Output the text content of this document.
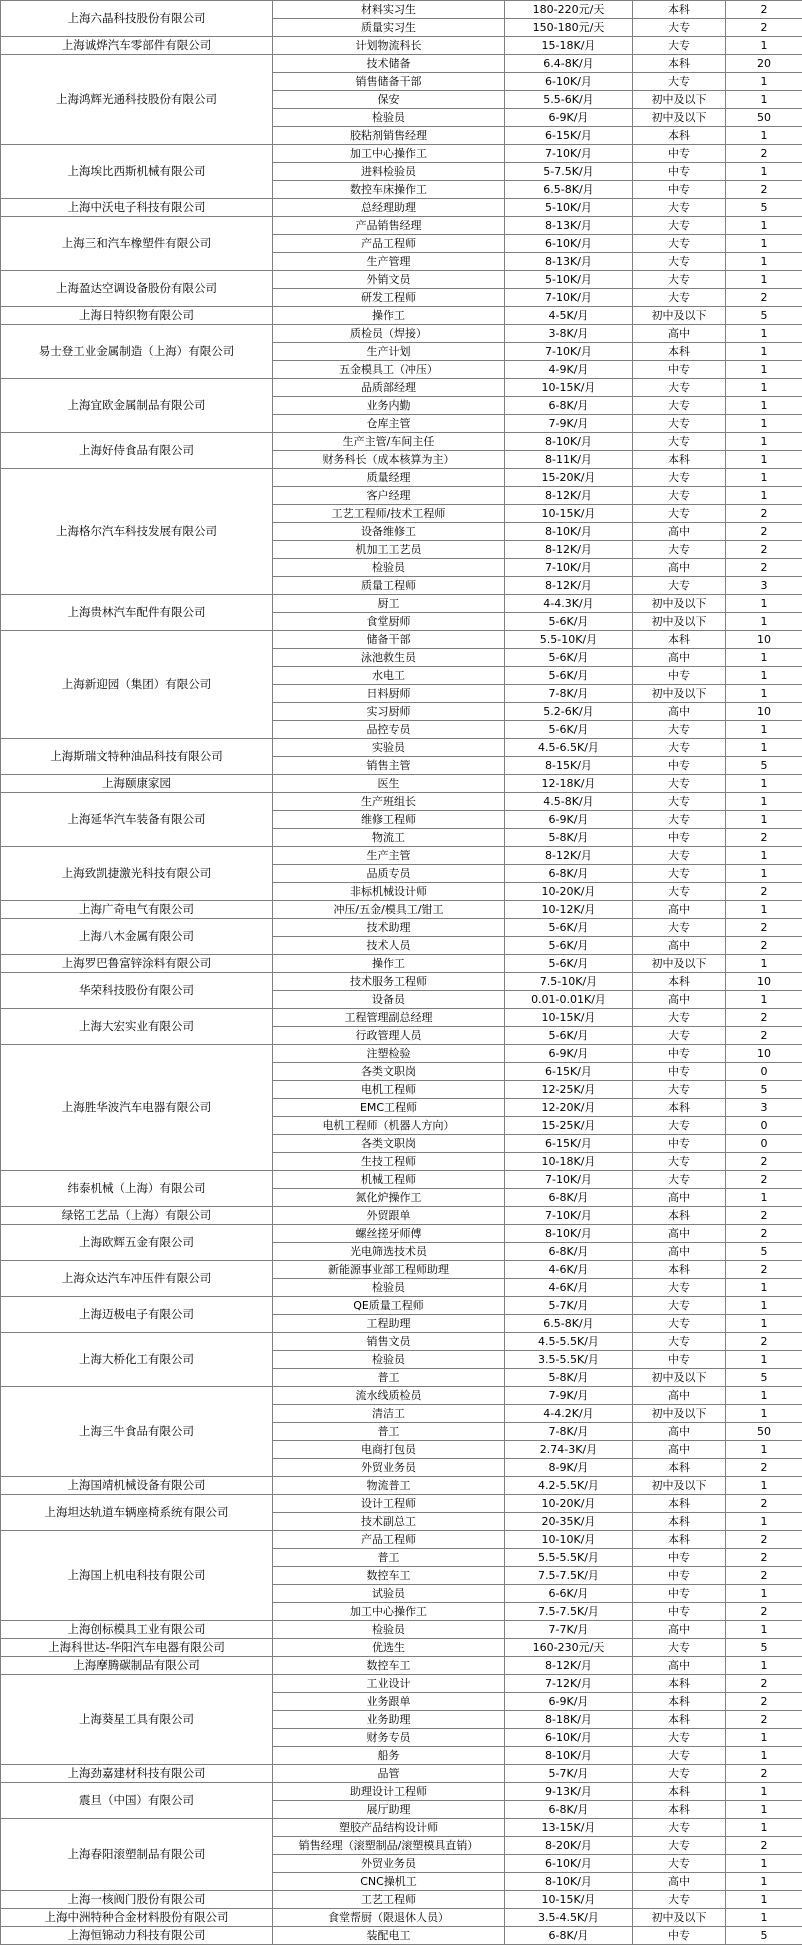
上海六晶科技股份有限公司	材料实习生	180-220元/天	本科	2
	质量实习生	150-180元/天	大专	2
上海诚烨汽车零部件有限公司	计划物流科长	15-18K/月	大专	1
上海鸿辉光通科技股份有限公司	技术储备	6.4-8K/月	本科	20
	销售储备干部	6-10K/月	大专	1
	保安	5.5-6K/月	初中及以下	1
	检验员	6-9K/月	初中及以下	50
	胶粘剂销售经理	6-15K/月	本科	1
上海埃比西斯机械有限公司	加工中心操作工	7-10K/月	中专	2
	进料检验员	5-7.5K/月	中专	1
	数控车床操作工	6.5-8K/月	中专	2
上海中沃电子科技有限公司	总经理助理	5-10K/月	大专	5
上海三和汽车橡塑件有限公司	产品销售经理	8-13K/月	大专	1
	产品工程师	6-10K/月	大专	1
	生产管理	8-13K/月	大专	1
上海盈达空调设备股份有限公司	外销文员	5-10K/月	大专	1
	研发工程师	7-10K/月	大专	2
上海日特织物有限公司	操作工	4-5K/月	初中及以下	5
易士登工业金属制造（上海）有限公司	质检员（焊接）	3-8K/月	高中	1
	生产计划	7-10K/月	本科	1
	五金模具工（冲压）	4-9K/月	中专	1
上海宜欧金属制品有限公司	品质部经理	10-15K/月	大专	1
	业务内勤	6-8K/月	大专	1
	仓库主管	7-9K/月	大专	1
上海好侍食品有限公司	生产主管/车间主任	8-10K/月	大专	1
	财务科长（成本核算为主）	8-11K/月	本科	1
上海格尔汽车科技发展有限公司	质量经理	15-20K/月	大专	1
	客户经理	8-12K/月	大专	1
	工艺工程师/技术工程师	10-15K/月	大专	2
	设备维修工	8-10K/月	高中	2
	机加工工艺员	8-12K/月	大专	2
	检验员	7-10K/月	高中	2
	质量工程师	8-12K/月	大专	3
上海贵林汽车配件有限公司	厨工	4-4.3K/月	初中及以下	1
	食堂厨师	5-6K/月	初中及以下	1
上海新迎园（集团）有限公司	储备干部	5.5-10K/月	本科	10
	泳池救生员	5-6K/月	高中	1
	水电工	5-6K/月	中专	1
	日料厨师	7-8K/月	初中及以下	1
	实习厨师	5.2-6K/月	高中	10
	品控专员	5-6K/月	大专	1
上海斯瑞文特种油品科技有限公司	实验员	4.5-6.5K/月	大专	1
	销售主管	8-15K/月	中专	5
上海颐康家园	医生	12-18K/月	大专	1
上海延华汽车装备有限公司	生产班组长	4.5-8K/月	大专	1
	维修工程师	6-9K/月	大专	1
	物流工	5-8K/月	中专	2
上海致凯捷激光科技有限公司	生产主管	8-12K/月	大专	1
	品质专员	6-8K/月	大专	1
	非标机械设计师	10-20K/月	大专	2
上海广奇电气有限公司	冲压/五金/模具工/钳工	10-12K/月	高中	1
上海八木金属有限公司	技术助理	5-6K/月	大专	2
	技术人员	5-6K/月	高中	2
上海罗巴鲁富锌涂料有限公司	操作工	5-6K/月	初中及以下	1
华荣科技股份有限公司	技术服务工程师	7.5-10K/月	本科	10
	设备员	0.01-0.01K/月	高中	1
上海大宏实业有限公司	工程管理副总经理	10-15K/月	大专	2
	行政管理人员	5-6K/月	大专	2
上海胜华波汽车电器有限公司	注塑检验	6-9K/月	中专	10
	各类文职岗	6-15K/月	中专	0
	电机工程师	12-25K/月	大专	5
	EMC工程师	12-20K/月	本科	3
	电机工程师（机器人方向）	15-25K/月	大专	0
	各类文职岗	6-15K/月	中专	0
	生技工程师	10-18K/月	大专	2
纬泰机械（上海）有限公司	机械工程师	7-10K/月	大专	2
	氮化炉操作工	6-8K/月	高中	1
绿铭工艺品（上海）有限公司	外贸跟单	7-10K/月	本科	2
上海欧辉五金有限公司	螺丝搓牙师傅	8-10K/月	高中	2
	光电筛选技术员	6-8K/月	高中	5
上海众达汽车冲压件有限公司	新能源事业部工程师助理	4-6K/月	本科	2
	检验员	4-6K/月	大专	1
上海迈极电子有限公司	QE质量工程师	5-7K/月	大专	1
	工程助理	6.5-8K/月	大专	1
上海大桥化工有限公司	销售文员	4.5-5.5K/月	大专	2
	检验员	3.5-5.5K/月	中专	1
	普工	5-8K/月	初中及以下	5
上海三牛食品有限公司	流水线质检员	7-9K/月	高中	1
	清洁工	4-4.2K/月	初中及以下	1
	普工	7-8K/月	高中	50
	电商打包员	2.74-3K/月	高中	1
	外贸业务员	8-9K/月	本科	2
上海国靖机械设备有限公司	物流普工	4.2-5.5K/月	初中及以下	1
上海坦达轨道车辆座椅系统有限公司	设计工程师	10-20K/月	本科	2
	技术副总工	20-35K/月	本科	1
上海国上机电科技有限公司	产品工程师	10-10K/月	本科	2
	普工	5.5-5.5K/月	中专	2
	数控车工	7.5-7.5K/月	中专	2
	试验员	6-6K/月	中专	1
	加工中心操作工	7.5-7.5K/月	中专	2
上海创标模具工业有限公司	检验员	7-7K/月	高中	1
上海科世达-华阳汽车电器有限公司	优选生	160-230元/天	大专	5
上海摩腾碳制品有限公司	数控车工	8-12K/月	高中	1
上海葵星工具有限公司	工业设计	7-12K/月	本科	2
	业务跟单	6-9K/月	本科	2
	业务助理	8-18K/月	本科	2
	财务专员	6-10K/月	大专	1
	船务	8-10K/月	大专	1
上海劲嘉建材科技有限公司	品管	5-7K/月	大专	2
震旦（中国）有限公司	助理设计工程师	9-13K/月	本科	1
	展厅助理	6-8K/月	本科	1
上海春阳滚塑制品有限公司	塑胶产品结构设计师	13-15K/月	大专	1
	销售经理（滚塑制品/滚塑模具直销）	8-20K/月	大专	2
	外贸业务员	6-10K/月	大专	1
	CNC操机工	8-10K/月	高中	1
上海一核阀门股份有限公司	工艺工程师	10-15K/月	大专	1
上海中洲特种合金材料股份有限公司	食堂帮厨（限退休人员）	3.5-4.5K/月	初中及以下	1
上海恒锦动力科技有限公司	装配电工	6-8K/月	中专	5
